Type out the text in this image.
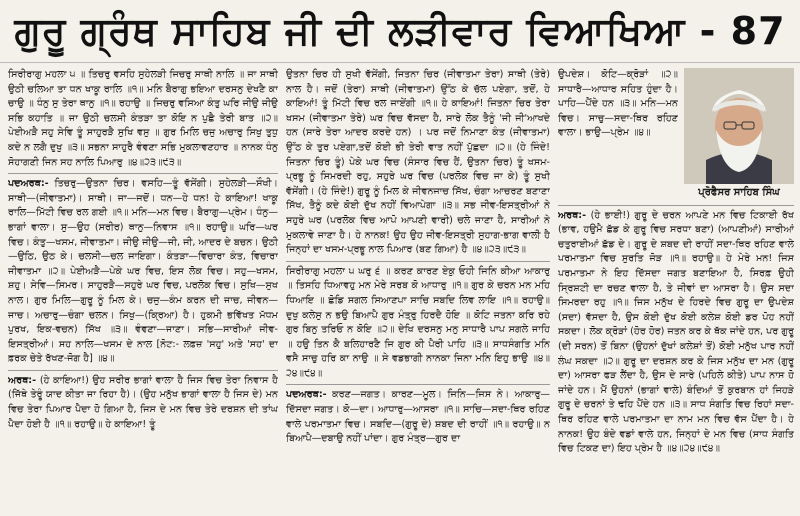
ਗੁਰੂ ਗ੍ਰੰਥ ਸਾਹਿਬ ਜੀ ਦੀ ਲੜੀਵਾਰ ਵਿਆਖਿਆ - 87

ਸਿਰੀਰਾਗੁ ਮਹਲਾ ੫ ॥ ਤਿਚਰੁ ਵਸਹਿ ਸੁਹੇਲੜੀ ਜਿਚਰੁ ਸਾਥੀ ਨਾਲਿ ॥ ਜਾ ਸਾਥੀ ਉਠੀ ਚਲਿਆ ਤਾ ਧਨ ਖਾਕੂ ਰਾਲਿ ॥੧॥ ਮਨਿ ਬੈਰਾਗੁ ਭਇਆ ਦਰਸਨੁ ਦੇਖਣੈ ਕਾ ਚਾਉ ॥ ਧੰਨੁ ਸੁ ਤੇਰਾ ਥਾਨੁ ॥੧॥ ਰਹਾਉ ॥ ਜਿਚਰੁ ਵਸਿਆ ਕੰਤੁ ਘਰਿ ਜੀਉ ਜੀਉ ਸਭਿ ਕਹਾਤਿ ॥ ਜਾ ਉਠੀ ਚਲਸੀ ਕੰਤੜਾ ਤਾ ਕੋਇ ਨ ਪੁਛੈ ਤੇਰੀ ਬਾਤ ॥੨॥ ਪੇਈਅੜੈ ਸਹੁ ਸੇਵਿ ਤੂੰ ਸਾਹੁਰੜੈ ਸੁਖਿ ਵਸੁ ॥ ਗੁਰ ਮਿਲਿ ਚਜੁ ਅਚਾਰੁ ਸਿਖੁ ਤੁਧੁ ਕਦੇ ਨ ਲਗੈ ਦੁਖੁ ॥੩॥ ਸਭਨਾ ਸਾਹੁਰੈ ਵੰਞਣਾ ਸਭਿ ਮੁਕਲਾਵਣਹਾਰ ॥ ਨਾਨਕ ਧੰਨੁ ਸੋਹਾਗਣੀ ਜਿਨ ਸਹ ਨਾਲਿ ਪਿਆਰੁ ॥੪॥੨੩॥੯੩॥

ਪਦਅਰਥ:- ਤਿਚਰੁ—ਉਤਨਾ ਚਿਰ। ਵਸਹਿ—ਤੂੰ ਵੱਸੇਂਗੀ। ਸੁਹੇਲੜੀ—ਸੌਖੀ। ਸਾਥੀ—(ਜੀਵਾਤਮਾ)। ਸਾਥੀ। ਜਾ—ਜਦੋਂ। ਧਨ—ਹੇ ਧਨ! ਹੇ ਕਾਇਆ! ਖਾਕੂ ਰਾਲਿ—ਮਿੱਟੀ ਵਿਚ ਰਲ ਗਈ ॥੧॥ ਮਨਿ—ਮਨ ਵਿਚ। ਬੈਰਾਗੁ—ਪ੍ਰੇਮ। ਧੰਨੁ—ਭਾਗਾਂ ਵਾਲਾ। ਸੁ—ਉਹ (ਸਰੀਰ) ਥਾਨੁ—ਨਿਵਾਸ ॥੧॥ ਰਹਾਉ॥ ਘਰਿ—ਘਰ ਵਿਚ। ਕੰਤੁ—ਖਸਮ, ਜੀਵਾਤਮਾ। ਜੀਉ ਜੀਉ—ਜੀ, ਜੀ, ਆਦਰ ਦੇ ਬਚਨ। ਉਠੀ—ਉਠਿ, ਉਠ ਕੇ। ਚਲਸੀ—ਚਲ ਜਾਇਗਾ। ਕੰਤੜਾ—ਵਿਚਾਰਾ ਕੰਤ, ਵਿਚਾਰਾ ਜੀਵਾਤਮਾ ॥੨॥ ਪੇਈਅੜੈ—ਪੇਕੇ ਘਰ ਵਿਚ, ਇਸ ਲੋਕ ਵਿਚ। ਸਹੁ—ਖਸਮ, ਸ਼ਹੁ। ਸੇਵਿ—ਸਿਮਰ। ਸਾਹੁਰੜੈ—ਸਹੁਰੇ ਘਰ ਵਿਚ, ਪਰਲੋਕ ਵਿਚ। ਸੁਖਿ—ਸੁਖ ਨਾਲ। ਗੁਰ ਮਿਲਿ—ਗੁਰੂ ਨੂੰ ਮਿਲ ਕੇ। ਚਜੁ—ਕੰਮ ਕਰਨ ਦੀ ਜਾਚ, ਜੀਵਨ—ਜਾਚ। ਅਚਾਰੁ—ਚੰਗਾ ਚਲਨ। ਸਿਖੁ—(ਕ੍ਰਿਆ) ਹੈ। ਹੁਕਮੀ ਭਵਿੱਖਤ ਮੱਧਮ ਪੁਰਖ, ਇਕ-ਵਚਨ) ਸਿੱਖ ॥੩॥ ਵੰਞਣਾ—ਜਾਣਾ। ਸਭਿ—ਸਾਰੀਆਂ ਜੀਵ-ਇਸਤ੍ਰੀਆਂ। ਸਹ ਨਾਲਿ—ਖਸਮ ਦੇ ਨਾਲ [ਨੋਟ:- ਲਫ਼ਜ਼ 'ਸਹੁ' ਅਤੇ 'ਸਹ' ਦਾ ਫ਼ਰਕ ਚੇਤੇ ਰੱਖਣ-ਜੋਗ ਹੈ] ॥੪॥

ਅਰਥ:- (ਹੇ ਕਾਇਆ!) ਉਹ ਸਰੀਰ ਭਾਗਾਂ ਵਾਲਾ ਹੈ ਜਿਸ ਵਿਚ ਤੇਰਾ ਨਿਵਾਸ ਹੈ (ਜਿੱਥੇ ਤੇਰੂੰ ਯਾਦ ਕੀਤਾ ਜਾ ਰਿਹਾ ਹੈ)। (ਉਹ ਮਨੁੱਖ ਭਾਗਾਂ ਵਾਲਾ ਹੈ ਜਿਸ ਦੇ) ਮਨ ਵਿਚ ਤੇਰਾ ਪਿਆਰ ਪੈਦਾ ਹੋ ਗਿਆ ਹੈ, ਜਿਸ ਦੇ ਮਨ ਵਿਚ ਤੇਰੇ ਦਰਸ਼ਨ ਦੀ ਤਾਂਘ ਪੈਦਾ ਹੋਈ ਹੈ ॥੧॥ ਰਹਾਉ॥ ਹੇ ਕਾਇਆ! ਤੂੰ

ਉਤਨਾ ਚਿਰ ਹੀ ਸੁਖੀ ਵੱਸੇਂਗੀ, ਜਿਤਨਾ ਚਿਰ (ਜੀਵਾਤਮਾ ਤੇਰਾ) ਸਾਥੀ (ਤੇਰੇ) ਨਾਲ ਹੈ। ਜਦੋਂ (ਤੇਰਾ) ਸਾਥੀ (ਜੀਵਾਤਮਾ) ਉੱਠ ਕੇ ਚੱਲ ਪਏਗਾ, ਤਦੋਂ, ਹੇ ਕਾਇਆਂ! ਤੂੰ ਮਿੱਟੀ ਵਿਚ ਰਲ ਜਾਏਂਗੀ ॥੧॥ ਹੇ ਕਾਇਆਂ! ਜਿਤਨਾ ਚਿਰ ਤੇਰਾ ਖਸਮ (ਜੀਵਾਤਮਾ ਤੇਰੇ) ਘਰ ਵਿਚ ਵੱਸਦਾ ਹੈ, ਸਾਰੇ ਲੋਕ ਤੈਨੂੰ 'ਜੀ ਜੀ'ਆਖਦੇ ਹਨ (ਸਾਰੇ ਤੇਰਾ ਆਦਰ ਕਰਦੇ ਹਨ) । ਪਰ ਜਦੋਂ ਨਿਮਾਣਾ ਕੰਤ (ਜੀਵਾਤਮਾ) ਉੱਠ ਕੇ ਤੁਰ ਪਏਗਾ,ਤਦੋਂ ਕੋਈ ਭੀ ਤੇਰੀ ਵਾਤ ਨਹੀਂ ਪੁੱਛਦਾ ॥੨॥ (ਹੇ ਜਿੰਦੇ! ਜਿਤਨਾ ਚਿਰ ਤੂੰ) ਪੇਕੇ ਘਰ ਵਿਚ (ਸੰਸਾਰ ਵਿਚ ਹੈਂ, ਉਤਨਾ ਚਿਰ) ਤੂੰ ਖਸਮ-ਪ੍ਰਭੂ ਨੂੰ ਸਿਮਰਦੀ ਰਹੁ, ਸਹੁਰੇ ਘਰ ਵਿਚ (ਪਰਲੋਕ ਵਿਚ ਜਾ ਕੇ) ਤੂੰ ਸੁਖੀ ਵੱਸੇਂਗੀ। (ਹੇ ਜਿੰਦੇ!) ਗੁਰੂ ਨੂੰ ਮਿਲ ਕੇ ਜੀਵਨਜਾਚ ਸਿੱਖ, ਚੰਗਾ ਆਚਰਣ ਬਣਾਣਾ ਸਿੱਖ, ਤੈਨੂੰ ਕਦੇ ਕੋਈ ਦੁੱਖ ਨਹੀਂ ਵਿਆਪੇਗਾ ॥੩॥ ਸਭ ਜੀਵ-ਇਸਤ੍ਰੀਆਂ ਨੇ ਸਹੁਰੇ ਘਰ (ਪਰਲੋਕ ਵਿਚ ਆਪੋ ਆਪਣੀ ਵਾਰੀ) ਚਲੇ ਜਾਣਾ ਹੈ, ਸਾਰੀਆਂ ਨੇ ਮੁਕਲਾਵੇ ਜਾਣਾ ਹੈ। ਹੇ ਨਾਨਕ! ਉਹ ਉਹ ਜੀਵ-ਇਸਤ੍ਰੀ ਸੁਹਾਗ-ਭਾਗ ਵਾਲੀ ਹੈ ਜਿਨ੍ਹਾਂ ਦਾ ਖਸਮ-ਪ੍ਰਭੂ ਨਾਲ ਪਿਆਰ (ਬਣ ਗਿਆ) ਹੈ ॥੪॥੨੩॥੯੩॥

ਸਿਰੀਰਾਗੁ ਮਹਲਾ ੫ ਘਰੁ ੬ ॥ ਕਰਣ ਕਾਰਣ ਏਕੁ ਓਹੀ ਜਿਨਿ ਕੀਆ ਆਕਾਰੁ ॥ ਤਿਸਹਿ ਧਿਆਵਹੁ ਮਨ ਮੇਰੇ ਸਰਬ ਕੋ ਆਧਾਰੁ ॥੧॥ ਗੁਰ ਕੇ ਚਰਨ ਮਨ ਮਹਿ ਧਿਆਇ ॥ ਛੋਡਿ ਸਗਲ ਸਿਆਣਪਾ ਸਾਚਿ ਸਬਦਿ ਲਿਵ ਲਾਇ ॥੧॥ ਰਹਾਉ॥ ਦੁਖੁ ਕਲੇਸੁ ਨ ਭਉ ਬਿਆਪੈ ਗੁਰ ਮੰਤ੍ਰੁ ਹਿਰਦੈ ਹੋਇ ॥ ਕੋਟਿ ਜਤਨਾ ਕਰਿ ਰਹੇ ਗੁਰ ਬਿਨੁ ਤਰਿਓ ਨ ਕੋਇ ॥੨॥ ਦੇਖਿ ਦਰਸਨੁ ਮਨੁ ਸਾਧਾਰੈ ਪਾਪ ਸਗਲੇ ਜਾਹਿ ॥ ਹਉ ਤਿਨ ਕੈ ਬਲਿਹਾਰਣੈ ਜਿ ਗੁਰ ਕੀ ਪੈਰੀ ਪਾਹਿ ॥੩॥ ਸਾਧਸੰਗਤਿ ਮਨਿ ਵਸੈ ਸਾਚੁ ਹਰਿ ਕਾ ਨਾਉ ॥ ਸੇ ਵਡਭਾਗੀ ਨਾਨਕਾ ਜਿਨਾ ਮਨਿ ਇਹੁ ਭਾਉ ॥੪॥੨੪॥੯੪॥

ਪਦਅਰਥ:- ਕਰਣ—ਜਗਤ। ਕਾਰਣ—ਮੂਲ। ਜਿਨਿ—ਜਿਸ ਨੇ। ਆਕਾਰੁ—ਦਿੱਸਦਾ ਜਗਤ। ਕੋ—ਦਾ। ਆਧਾਰੁ—ਆਸਰਾ ॥੧॥ ਸਾਚਿ—ਸਦਾ-ਥਿਰ ਰਹਿਣ ਵਾਲੇ ਪਰਮਾਤਮਾ ਵਿਚ। ਸਬਦਿ—(ਗੁਰੂ ਦੇ) ਸ਼ਬਦ ਦੀ ਰਾਹੀਂ ॥੧॥ ਰਹਾਉ॥ ਨ ਬਿਆਪੈ—ਦਬਾਉ ਨਹੀਂ ਪਾਂਦਾ। ਗੁਰ ਮੰਤ੍ਰ—ਗੁਰ ਦਾ

ਉਪਦੇਸ਼। ਕੋਟਿ—ਕ੍ਰੋੜਾਂ ॥੨॥ ਸਾਧਾਰੈ—ਆਧਾਰ ਸਹਿਤ ਹੁੰਦਾ ਹੈ। ਪਾਹਿ—ਪੈਂਦੇ ਹਨ ॥੩॥ ਮਨਿ—ਮਨ ਵਿਚ। ਸਾਚੁ—ਸਦਾ-ਥਿਰ ਰਹਿਣ ਵਾਲਾ। ਭਾਉ—ਪ੍ਰੇਮ ॥੪॥

ਪ੍ਰੋਫੈਸਰ ਸਾਹਿਬ ਸਿੰਘ

ਅਰਥ:- (ਹੇ ਭਾਈ!) ਗੁਰੂ ਦੇ ਚਰਨ ਆਪਣੇ ਮਨ ਵਿਚ ਟਿਕਾਈ ਰੱਖ (ਭਾਵ, ਹਉਮੈ ਛੱਡ ਕੇ ਗੁਰੂ ਵਿਚ ਸਰਧਾ ਬਣਾ) (ਆਪਣੀਆਂ) ਸਾਰੀਆਂ ਚਤੁਰਾਈਆਂ ਛੱਡ ਦੇ। ਗੁਰੂ ਦੇ ਸ਼ਬਦ ਦੀ ਰਾਹੀਂ ਸਦਾ-ਥਿਰ ਰਹਿਣ ਵਾਲੇ ਪਰਮਾਤਮਾ ਵਿਚ ਸੁਰਤਿ ਜੋੜ ॥੧॥ ਰਹਾਉ॥ ਹੇ ਮੇਰੇ ਮਨ! ਜਿਸ ਪਰਮਾਤਮਾ ਨੇ ਇਹ ਦਿੱਸਦਾ ਜਗਤ ਬਣਾਇਆ ਹੈ, ਸਿਰਫ਼ ਉਹੀ ਸ੍ਰਿਸ਼ਟੀ ਦਾ ਰਚਣ ਵਾਲਾ ਹੈ, ਤੇ ਜੀਵਾਂ ਦਾ ਆਸਰਾ ਹੈ। ਉਸ ਸਦਾ ਸਿਮਰਦਾ ਰਹੁ ॥੧॥ ਜਿਸ ਮਨੁੱਖ ਦੇ ਹਿਰਦੇ ਵਿਚ ਗੁਰੂ ਦਾ ਉਪਦੇਸ਼ (ਸਦਾ) ਵੱਸਦਾ ਹੈ, ਉਸ ਕੋਈ ਦੁੱਖ ਕੋਈ ਕਲੇਸ਼ ਕੋਈ ਡਰ ਪੋਹ ਨਹੀਂ ਸਕਦਾ। ਲੋਕ ਕ੍ਰੋੜਾਂ (ਹੋਰ ਹੋਰ) ਜਤਨ ਕਰ ਕੇ ਥੱਕ ਜਾਂਦੇ ਹਨ, ਪਰ ਗੁਰੂ (ਦੀ ਸਰਨ) ਤੋਂ ਬਿਨਾ (ਉਹਨਾਂ ਦੁੱਖਾਂ ਕਲੇਸ਼ਾਂ ਤੋਂ) ਕੋਈ ਮਨੁੱਖ ਪਾਰ ਨਹੀਂ ਲੰਘ ਸਕਦਾ ॥੨॥ ਗੁਰੂ ਦਾ ਦਰਸ਼ਨ ਕਰ ਕੇ ਜਿਸ ਮਨੁੱਖ ਦਾ ਮਨ (ਗੁਰੂ ਦਾ) ਆਸਰਾ ਫੜ ਲੈਂਦਾ ਹੈ, ਉਸ ਦੇ ਸਾਰੇ (ਪਹਿਲੇ ਕੀਤੇ) ਪਾਪ ਨਾਸ ਹੋ ਜਾਂਦੇ ਹਨ। ਮੈਂ ਉਹਨਾਂ (ਭਾਗਾਂ ਵਾਲੇ) ਬੰਦਿਆਂ ਤੋਂ ਕੁਰਬਾਨ ਹਾਂ ਜਿਹੜੇ ਗੁਰੂ ਦੇ ਚਰਨਾਂ ਤੇ ਢਹਿ ਪੈਂਦੇ ਹਨ ॥੩॥ ਸਾਧ ਸੰਗਤਿ ਵਿਚ ਰਿਹਾਂ ਸਦਾ-ਥਿਰ ਰਹਿਣ ਵਾਲੇ ਪਰਮਾਤਮਾ ਦਾ ਨਾਮ ਮਨ ਵਿਚ ਵੱਸ ਪੈਂਦਾ ਹੈ। ਹੇ ਨਾਨਕ! ਉਹ ਬੰਦੇ ਵਡਾਂ ਵਾਲੇ ਹਨ, ਜਿਨ੍ਹਾਂ ਦੇ ਮਨ ਵਿਚ (ਸਾਧ ਸੰਗਤਿ ਵਿਚ ਟਿਕਣ ਦਾ) ਇਹ ਪ੍ਰੇਮ ਹੈ ॥੪॥੨੪॥੯੪॥
